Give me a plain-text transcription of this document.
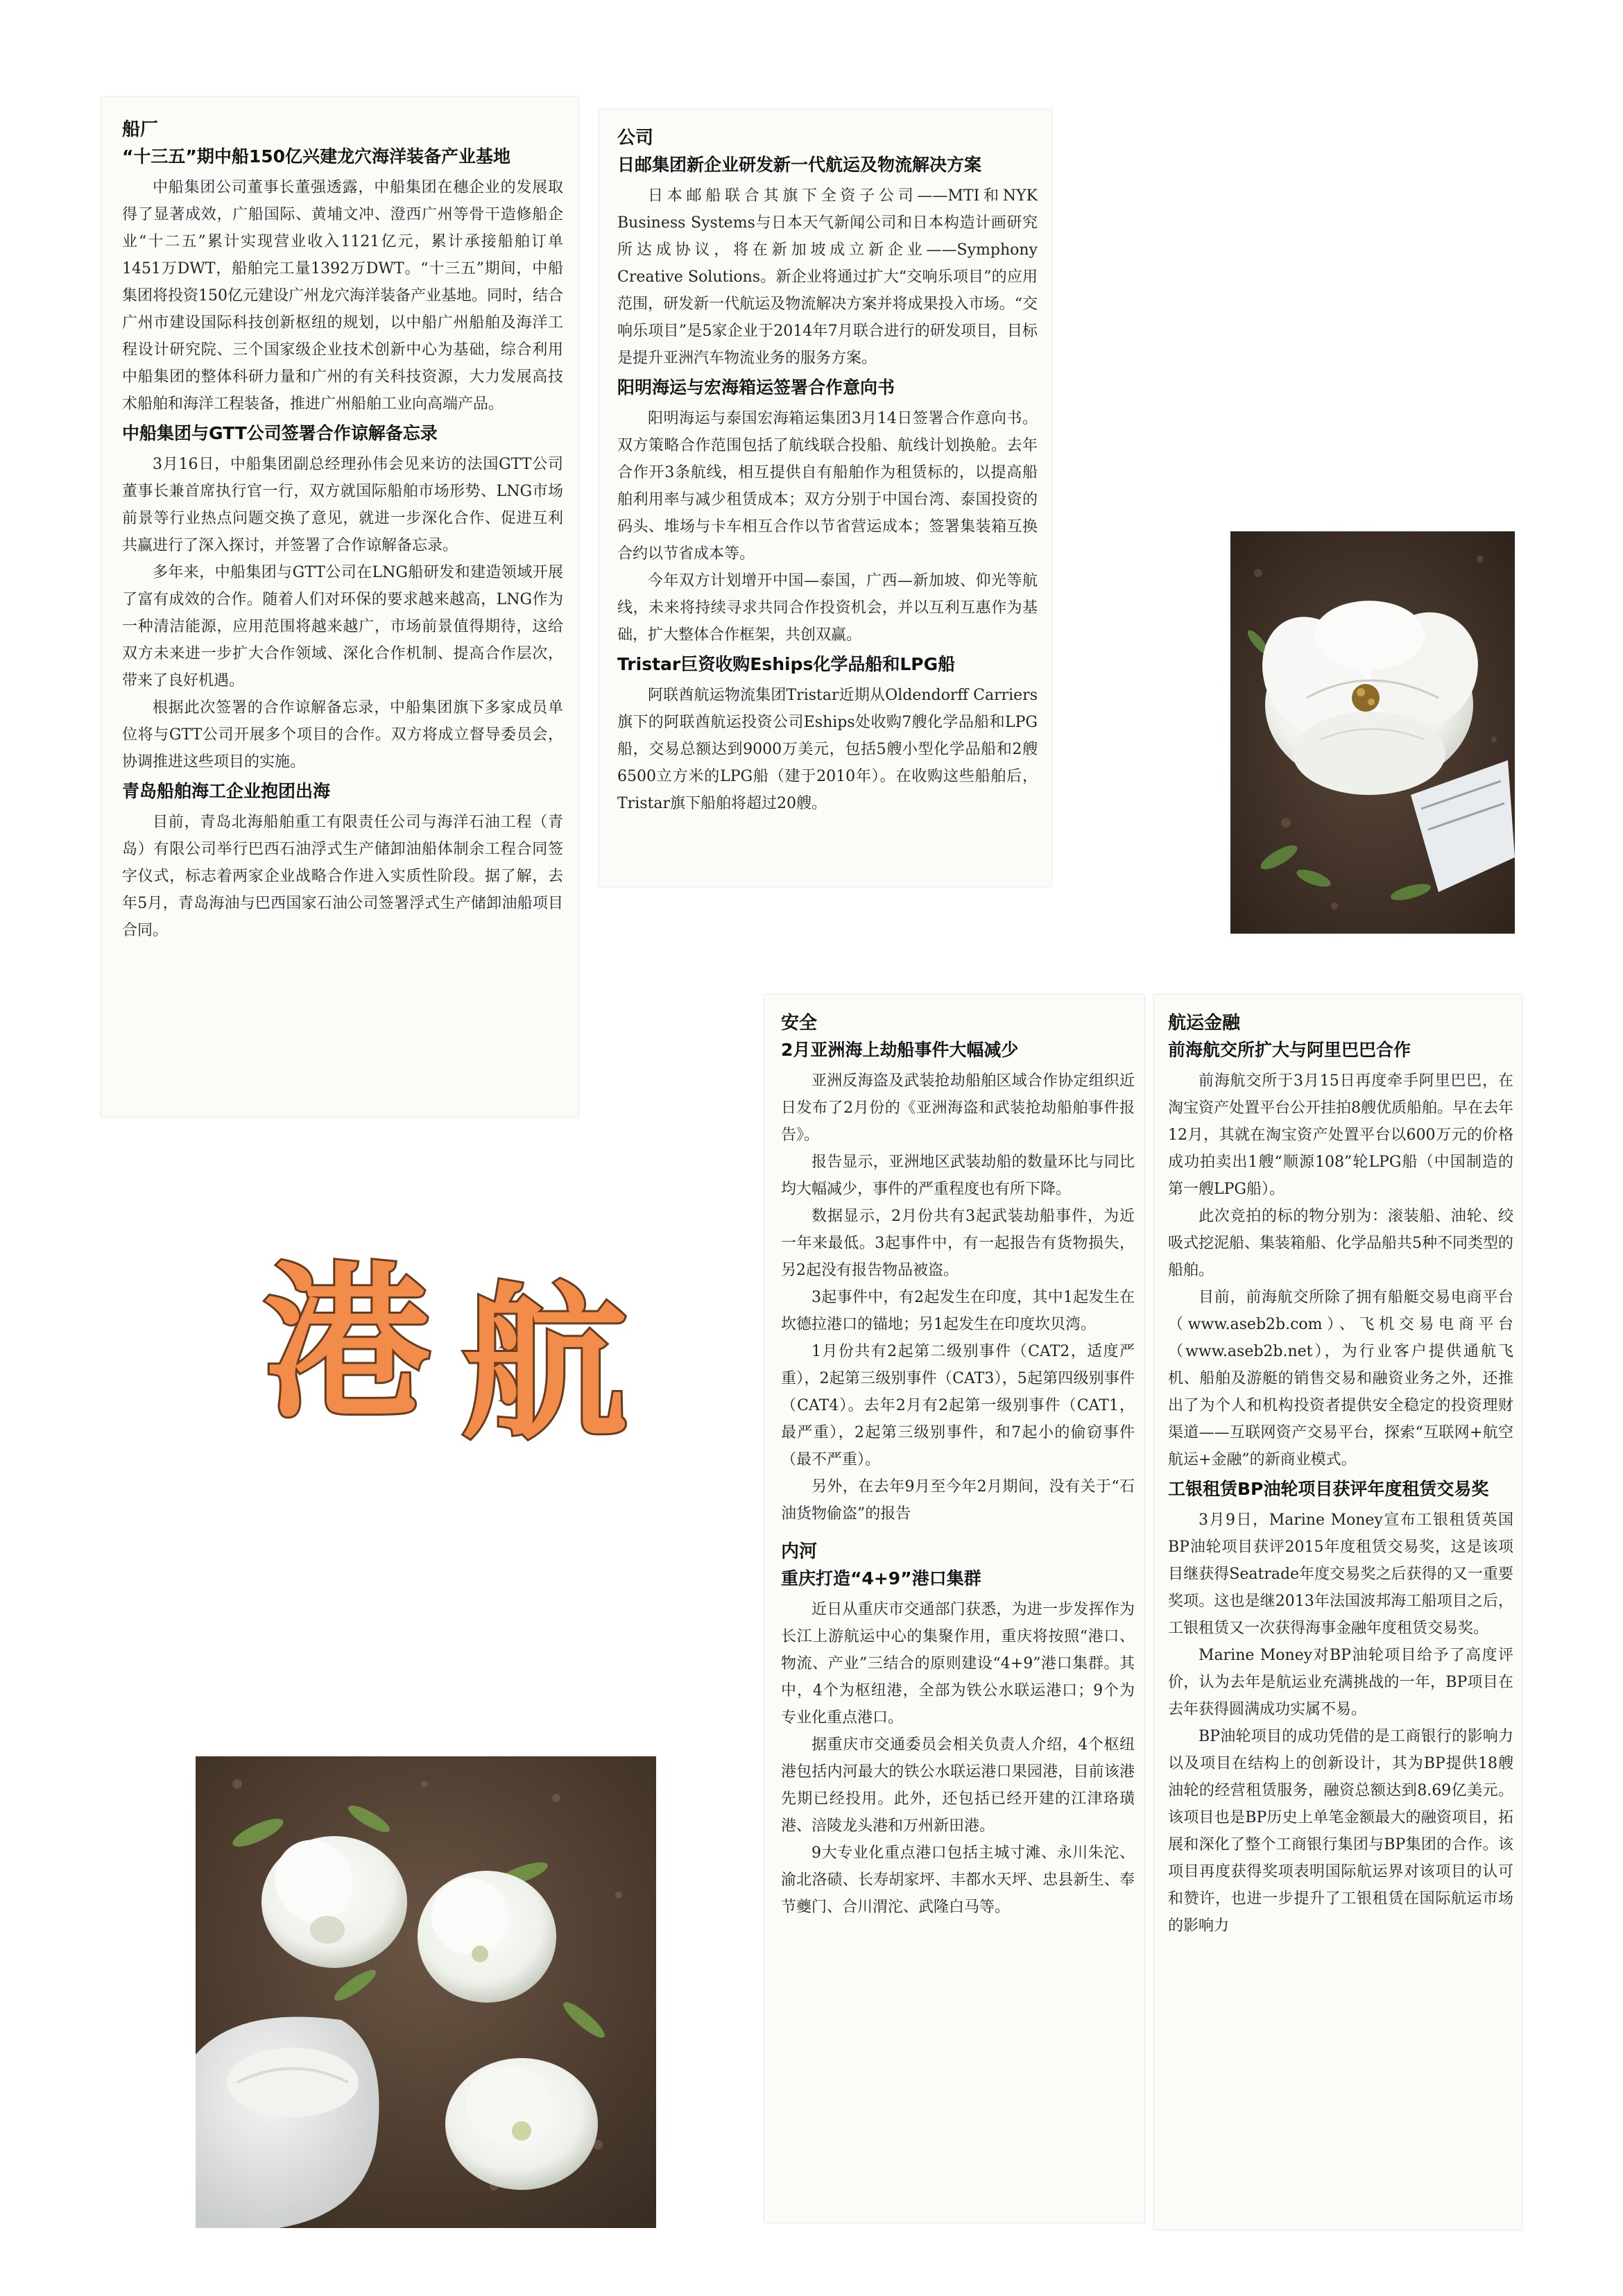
船厂
“十三五”期中船150亿兴建龙穴海洋装备产业基地

中船集团公司董事长董强透露，中船集团在穗企业的发展取得了显著成效，广船国际、黄埔文冲、澄西广州等骨干造修船企业“十二五”累计实现营业收入1121亿元，累计承接船舶订单1451万DWT，船舶完工量1392万DWT。“十三五”期间，中船集团将投资150亿元建设广州龙穴海洋装备产业基地。同时，结合广州市建设国际科技创新枢纽的规划，以中船广州船舶及海洋工程设计研究院、三个国家级企业技术创新中心为基础，综合利用中船集团的整体科研力量和广州的有关科技资源，大力发展高技术船舶和海洋工程装备，推进广州船舶工业向高端产品。

中船集团与GTT公司签署合作谅解备忘录

3月16日，中船集团副总经理孙伟会见来访的法国GTT公司董事长兼首席执行官一行，双方就国际船舶市场形势、LNG市场前景等行业热点问题交换了意见，就进一步深化合作、促进互利共赢进行了深入探讨，并签署了合作谅解备忘录。

多年来，中船集团与GTT公司在LNG船研发和建造领域开展了富有成效的合作。随着人们对环保的要求越来越高，LNG作为一种清洁能源，应用范围将越来越广，市场前景值得期待，这给双方未来进一步扩大合作领域、深化合作机制、提高合作层次，带来了良好机遇。

根据此次签署的合作谅解备忘录，中船集团旗下多家成员单位将与GTT公司开展多个项目的合作。双方将成立督导委员会，协调推进这些项目的实施。

青岛船舶海工企业抱团出海

目前，青岛北海船舶重工有限责任公司与海洋石油工程（青岛）有限公司举行巴西石油浮式生产储卸油船体制余工程合同签字仪式，标志着两家企业战略合作进入实质性阶段。据了解，去年5月，青岛海油与巴西国家石油公司签署浮式生产储卸油船项目合同。

公司
日邮集团新企业研发新一代航运及物流解决方案

日本邮船联合其旗下全资子公司——MTI和NYK Business Systems与日本天气新闻公司和日本构造计画研究所达成协议，将在新加坡成立新企业——Symphony Creative Solutions。新企业将通过扩大“交响乐项目”的应用范围，研发新一代航运及物流解决方案并将成果投入市场。“交响乐项目”是5家企业于2014年7月联合进行的研发项目，目标是提升亚洲汽车物流业务的服务方案。

阳明海运与宏海箱运签署合作意向书

阳明海运与泰国宏海箱运集团3月14日签署合作意向书。双方策略合作范围包括了航线联合投船、航线计划换舱。去年合作开3条航线，相互提供自有船舶作为租赁标的，以提高船舶利用率与减少租赁成本；双方分别于中国台湾、泰国投资的码头、堆场与卡车相互合作以节省营运成本；签署集装箱互换合约以节省成本等。

今年双方计划增开中国—泰国，广西—新加坡、仰光等航线，未来将持续寻求共同合作投资机会，并以互利互惠作为基础，扩大整体合作框架，共创双赢。

Tristar巨资收购Eships化学品船和LPG船

阿联酋航运物流集团Tristar近期从Oldendorff Carriers旗下的阿联酋航运投资公司Eships处收购7艘化学品船和LPG船，交易总额达到9000万美元，包括5艘小型化学品船和2艘6500立方米的LPG船（建于2010年）。在收购这些船舶后，Tristar旗下船舶将超过20艘。

港 航
安全
2月亚洲海上劫船事件大幅减少

亚洲反海盗及武装抢劫船舶区域合作协定组织近日发布了2月份的《亚洲海盗和武装抢劫船舶事件报告》。

报告显示，亚洲地区武装劫船的数量环比与同比均大幅减少，事件的严重程度也有所下降。

数据显示，2月份共有3起武装劫船事件，为近一年来最低。3起事件中，有一起报告有货物损失，另2起没有报告物品被盗。

3起事件中，有2起发生在印度，其中1起发生在坎德拉港口的锚地；另1起发生在印度坎贝湾。

1月份共有2起第二级别事件（CAT2，适度严重），2起第三级别事件（CAT3），5起第四级别事件（CAT4）。去年2月有2起第一级别事件（CAT1，最严重），2起第三级别事件，和7起小的偷窃事件（最不严重）。

另外，在去年9月至今年2月期间，没有关于“石油货物偷盗”的报告

内河
重庆打造“4+9”港口集群

近日从重庆市交通部门获悉，为进一步发挥作为长江上游航运中心的集聚作用，重庆将按照“港口、物流、产业”三结合的原则建设“4+9”港口集群。其中，4个为枢纽港，全部为铁公水联运港口；9个为专业化重点港口。

据重庆市交通委员会相关负责人介绍，4个枢纽港包括内河最大的铁公水联运港口果园港，目前该港先期已经投用。此外，还包括已经开建的江津珞璜港、涪陵龙头港和万州新田港。

9大专业化重点港口包括主城寸滩、永川朱沱、渝北洛碛、长寿胡家坪、丰都水天坪、忠县新生、奉节夔门、合川渭沱、武隆白马等。

航运金融
前海航交所扩大与阿里巴巴合作

前海航交所于3月15日再度牵手阿里巴巴，在淘宝资产处置平台公开挂拍8艘优质船舶。早在去年12月，其就在淘宝资产处置平台以600万元的价格成功拍卖出1艘“顺源108”轮LPG船（中国制造的第一艘LPG船）。

此次竞拍的标的物分别为：滚装船、油轮、绞吸式挖泥船、集装箱船、化学品船共5种不同类型的船舶。

目前，前海航交所除了拥有船艇交易电商平台（www.aseb2b.com）、飞机交易电商平台（www.aseb2b.net），为行业客户提供通航飞机、船舶及游艇的销售交易和融资业务之外，还推出了为个人和机构投资者提供安全稳定的投资理财渠道——互联网资产交易平台，探索“互联网+航空航运+金融”的新商业模式。

工银租赁BP油轮项目获评年度租赁交易奖

3月9日，Marine Money宣布工银租赁英国BP油轮项目获评2015年度租赁交易奖，这是该项目继获得Seatrade年度交易奖之后获得的又一重要奖项。这也是继2013年法国波邦海工船项目之后，工银租赁又一次获得海事金融年度租赁交易奖。

Marine Money对BP油轮项目给予了高度评价，认为去年是航运业充满挑战的一年，BP项目在去年获得圆满成功实属不易。

BP油轮项目的成功凭借的是工商银行的影响力以及项目在结构上的创新设计，其为BP提供18艘油轮的经营租赁服务，融资总额达到8.69亿美元。该项目也是BP历史上单笔金额最大的融资项目，拓展和深化了整个工商银行集团与BP集团的合作。该项目再度获得奖项表明国际航运界对该项目的认可和赞许，也进一步提升了工银租赁在国际航运市场的影响力
